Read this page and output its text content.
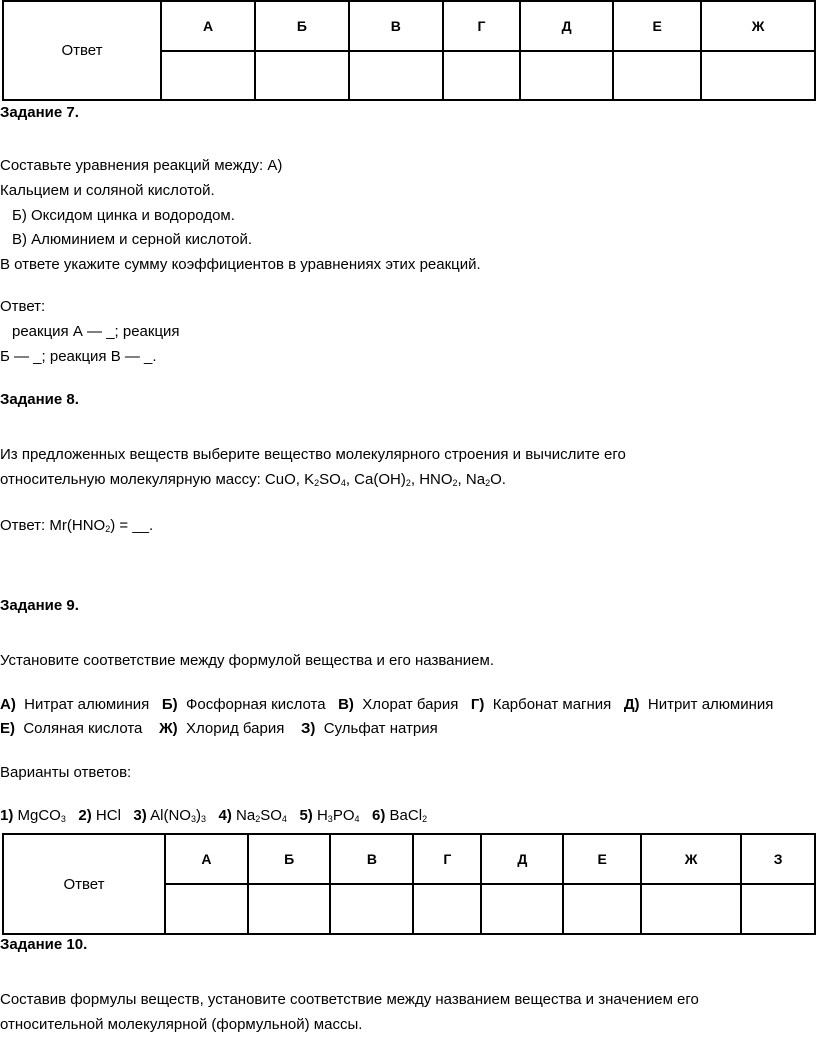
Ответ	А	Б	В	Г	Д	Е	Ж

Задание 7.
Составьте уравнения реакций между: А)
Кальцием и соляной кислотой.
Б) Оксидом цинка и водородом.
В) Алюминием и серной кислотой.
В ответе укажите сумму коэффициентов в уравнениях этих реакций.
Ответ:
реакция А — _; реакция
Б — _; реакция В — _.
Задание 8.
Из предложенных веществ выберите вещество молекулярного строения и вычислите его
относительную молекулярную массу: CuO, $K_2SO_4$, $Ca(OH)_2$, $HNO_2$, $Na_2O$.
Ответ: $Mr(HNO_2)$ = __.
Задание 9.
Установите соответствие между формулой вещества и его названием.
А) Нитрат алюминия Б) Фосфорная кислота В) Хлорат бария Г) Карбонат магния Д) Нитрит алюминия
Е) Соляная кислота Ж) Хлорид бария З) Сульфат натрия
Варианты ответов:
1) MgCO$_3$ 2) HCl 3) $Al(NO_3)_3$ 4) $Na_2SO_4$ 5) $H_3PO_4$ 6) BaCl$_2$
Ответ	А	Б	В	Г	Д	Е	Ж	З

Задание 10.
Составив формулы веществ, установите соответствие между названием вещества и значением его
относительной молекулярной (формульной) массы.
